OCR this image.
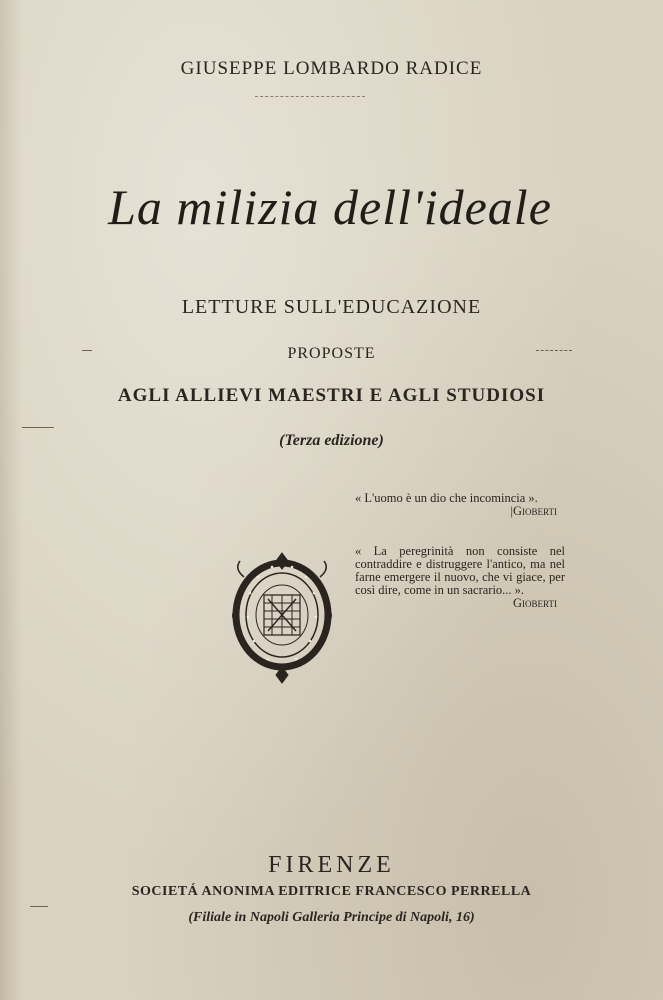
GIUSEPPE LOMBARDO RADICE
La milizia dell'ideale
LETTURE SULL'EDUCAZIONE
PROPOSTE
AGLI ALLIEVI MAESTRI E AGLI STUDIOSI
(Terza edizione)
« L'uomo è un dio che incomincia ».
|Gioberti
« La peregrinità non consiste nel contraddire e distruggere l'antico, ma nel farne emergere il nuovo, che vi giace, per così dire, come in un sacrario... ».
Gioberti
FIRENZE
SOCIETÁ ANONIMA EDITRICE FRANCESCO PERRELLA
(Filiale in Napoli Galleria Principe di Napoli, 16)
